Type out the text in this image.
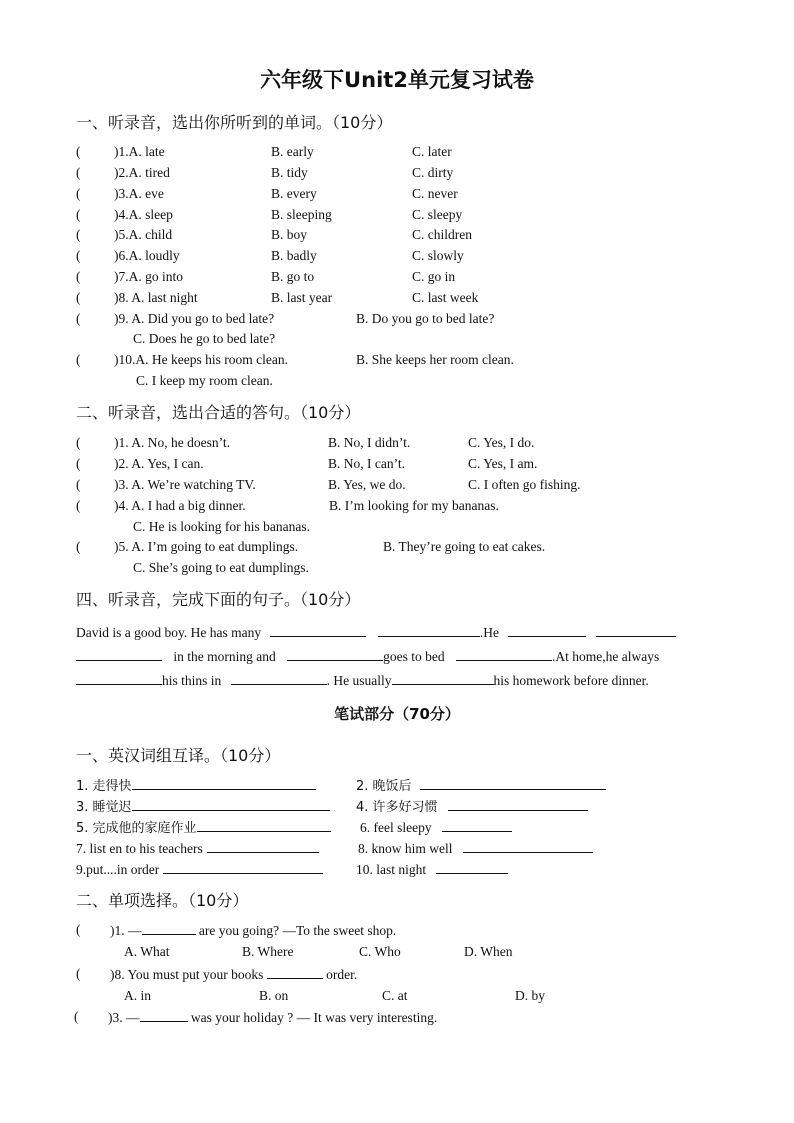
六年级下Unit2单元复习试卷
一、听录音，选出你所听到的单词。（10分）
( )1.A. late	B. early	C. later
( )2.A. tired	B. tidy	C. dirty
( )3.A. eve	B. every	C. never
( )4.A. sleep	B. sleeping	C. sleepy
( )5.A. child	B. boy	C. children
( )6.A. loudly	B. badly	C. slowly
( )7.A. go into	B. go to	C. go in
( )8. A. last night	B. last year	C. last week
( )9. A. Did you go to bed late?	B. Do you go to bed late?
C. Does he go to bed late?
( )10.A. He keeps his room clean.	B. She keeps her room clean.
C. I keep my room clean.
二、听录音，选出合适的答句。（10分）
( )1. A. No, he doesn’t.	B. No, I didn’t.	C. Yes, I do.
( )2. A. Yes, I can.	B. No, I can’t.	C. Yes, I am.
( )3. A. We’re watching TV.	B. Yes, we do.	C. I often go fishing.
( )4. A. I had a big dinner.	B. I’m looking for my bananas.
C. He is looking for his bananas.
( )5. A. I’m going to eat dumplings.	B. They’re going to eat cakes.
C. She’s going to eat dumplings.
四、听录音，完成下面的句子。（10分）
David is a good boy. He has many	.He
in the morning and	goes to bed	.At home,he always
his thins in	. He usually	his homework before dinner.
笔试部分（70分）
一、英汉词组互译。（10分）
1. 走得快	2. 晚饭后
3. 睡觉迟	4. 许多好习惯
5. 完成他的家庭作业	6. feel sleepy
7. list en to his teachers	8. know him well
9.put....in order	10. last night
二、单项选择。（10分）
( )1. —	are you going? —To the sweet shop.
A. What	B. Where	C. Who	D. When
( )8. You must put your books	order.
A. in	B. on	C. at	D. by
( )3. —	was your holiday ? — It was very interesting.
